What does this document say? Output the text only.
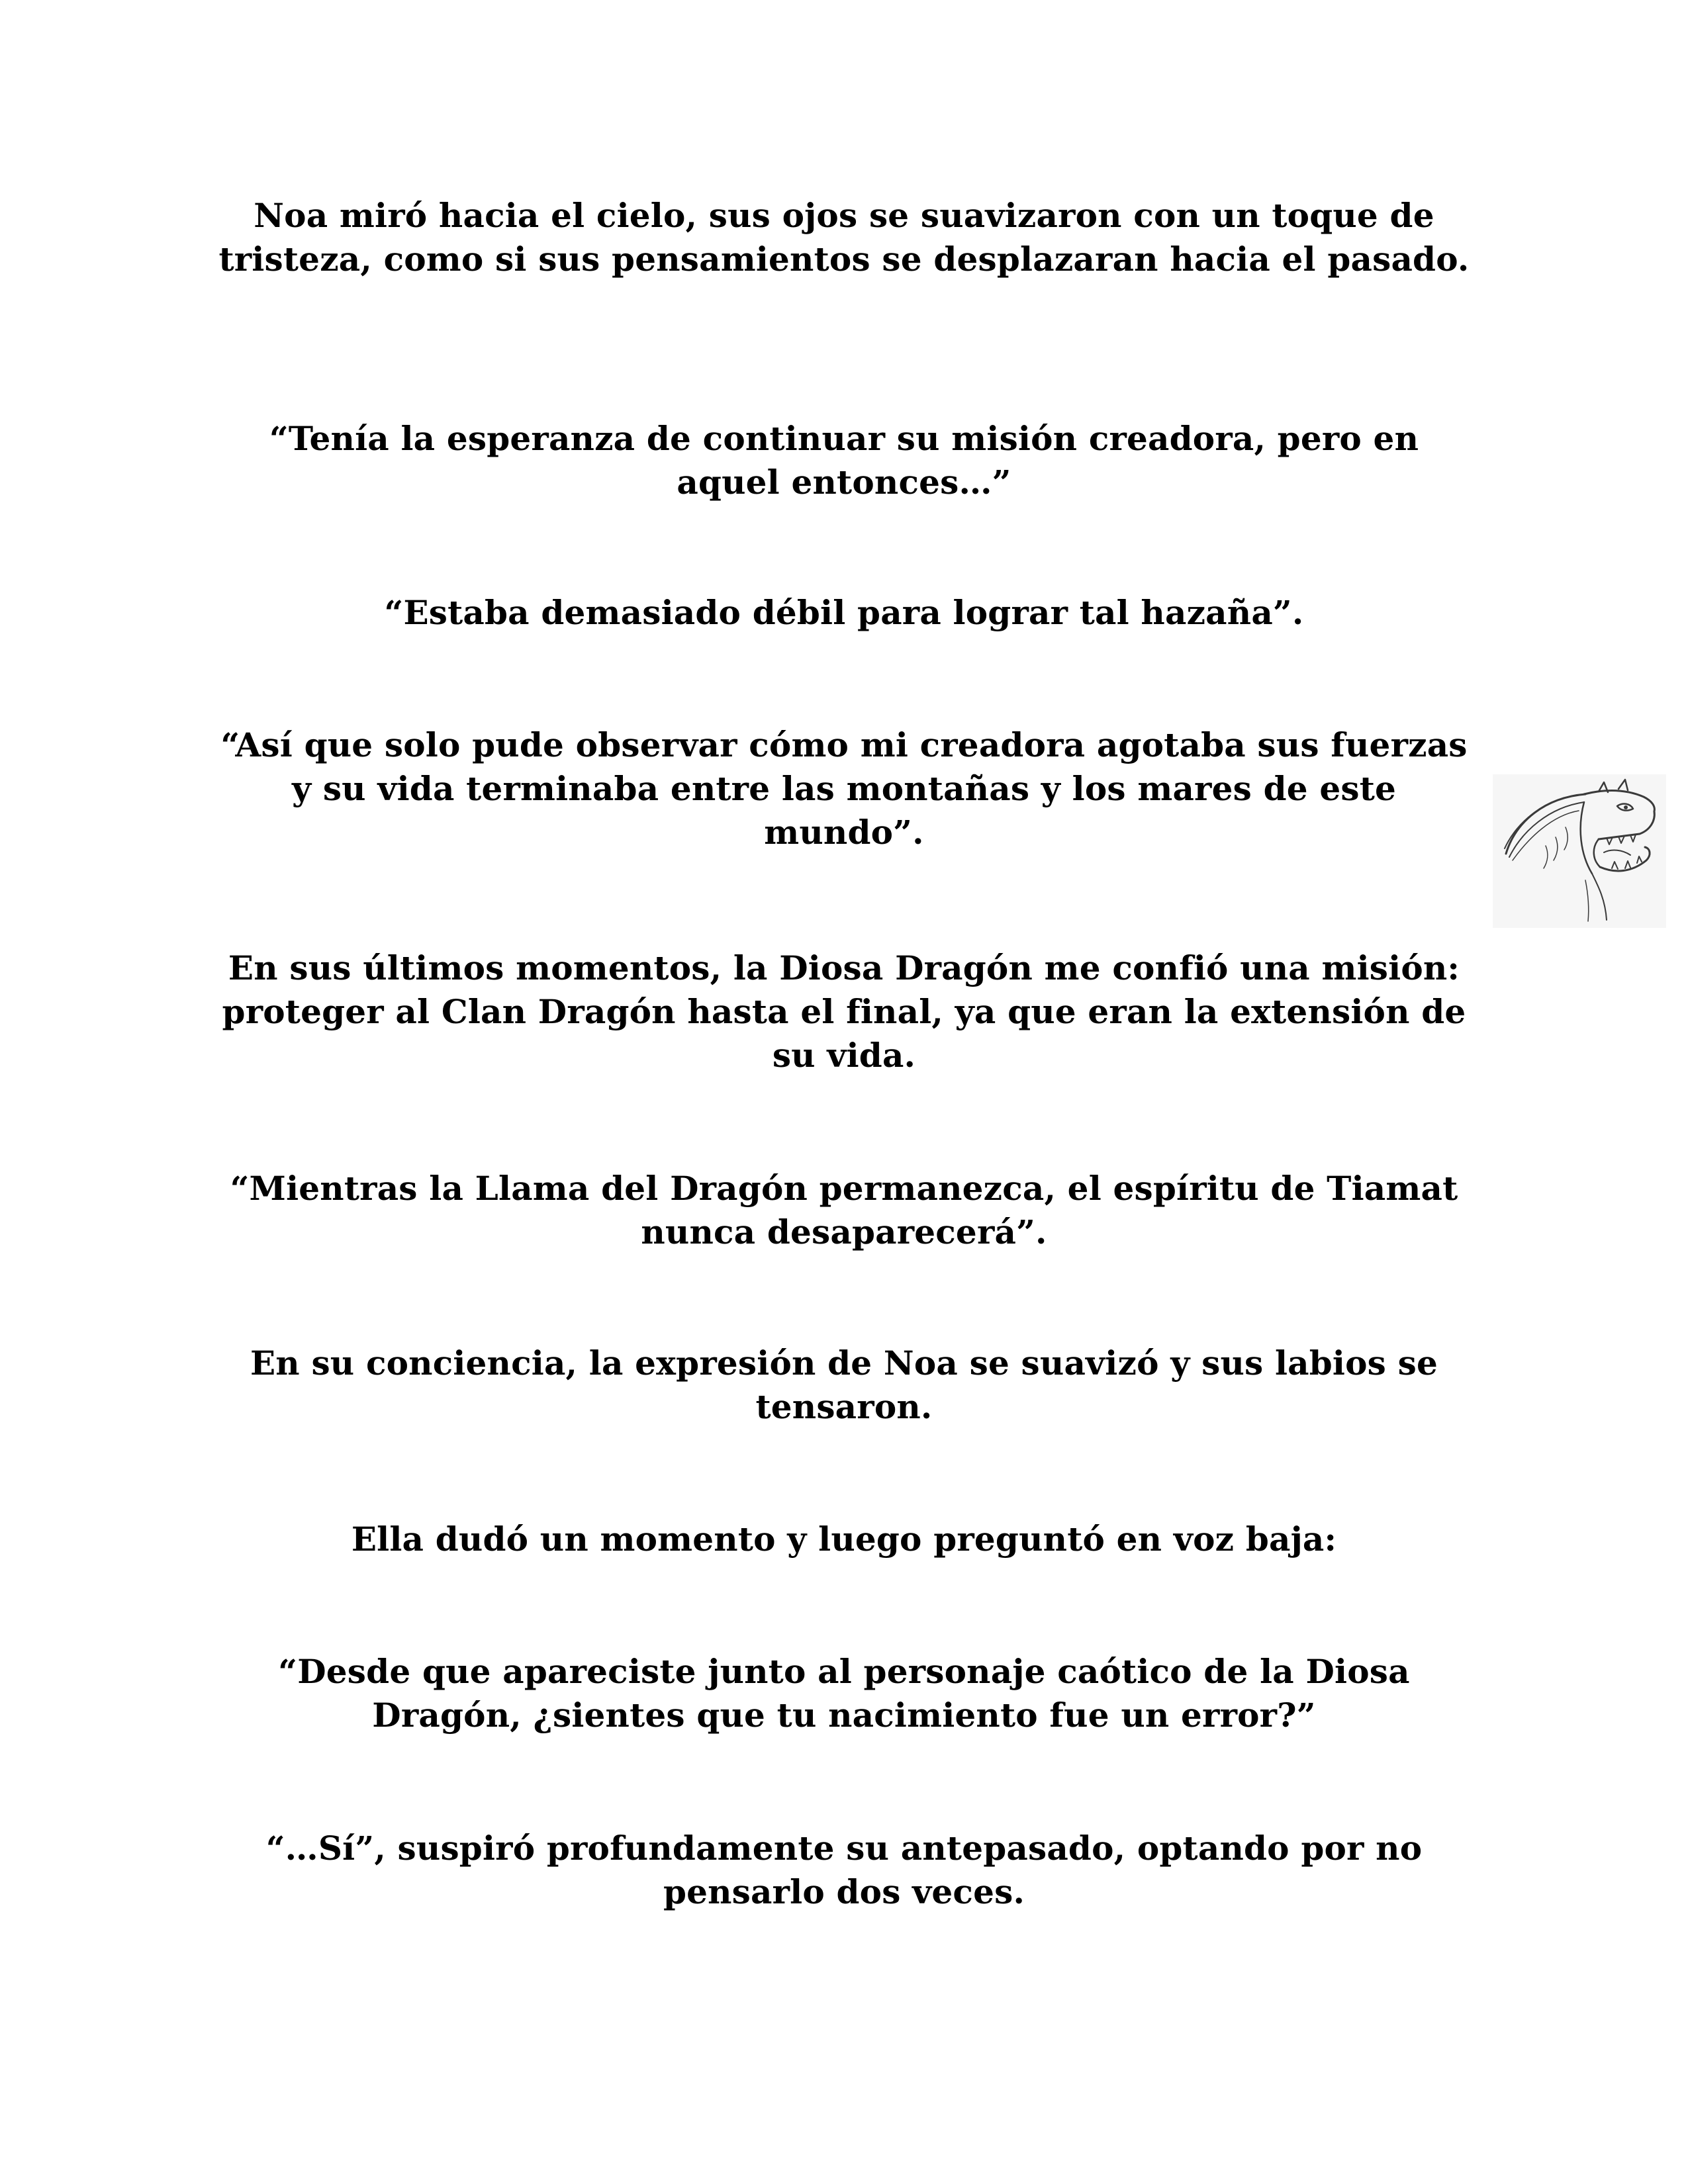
Noa miró hacia el cielo, sus ojos se suavizaron con un toque de tristeza, como si sus pensamientos se desplazaran hacia el pasado.

“Tenía la esperanza de continuar su misión creadora, pero en aquel entonces…”

“Estaba demasiado débil para lograr tal hazaña”.

“Así que solo pude observar cómo mi creadora agotaba sus fuerzas y su vida terminaba entre las montañas y los mares de este mundo”.

En sus últimos momentos, la Diosa Dragón me confió una misión: proteger al Clan Dragón hasta el final, ya que eran la extensión de su vida.

“Mientras la Llama del Dragón permanezca, el espíritu de Tiamat nunca desaparecerá”.

En su conciencia, la expresión de Noa se suavizó y sus labios se tensaron.

Ella dudó un momento y luego preguntó en voz baja:

“Desde que apareciste junto al personaje caótico de la Diosa Dragón, ¿sientes que tu nacimiento fue un error?”

“…Sí”, suspiró profundamente su antepasado, optando por no pensarlo dos veces.
